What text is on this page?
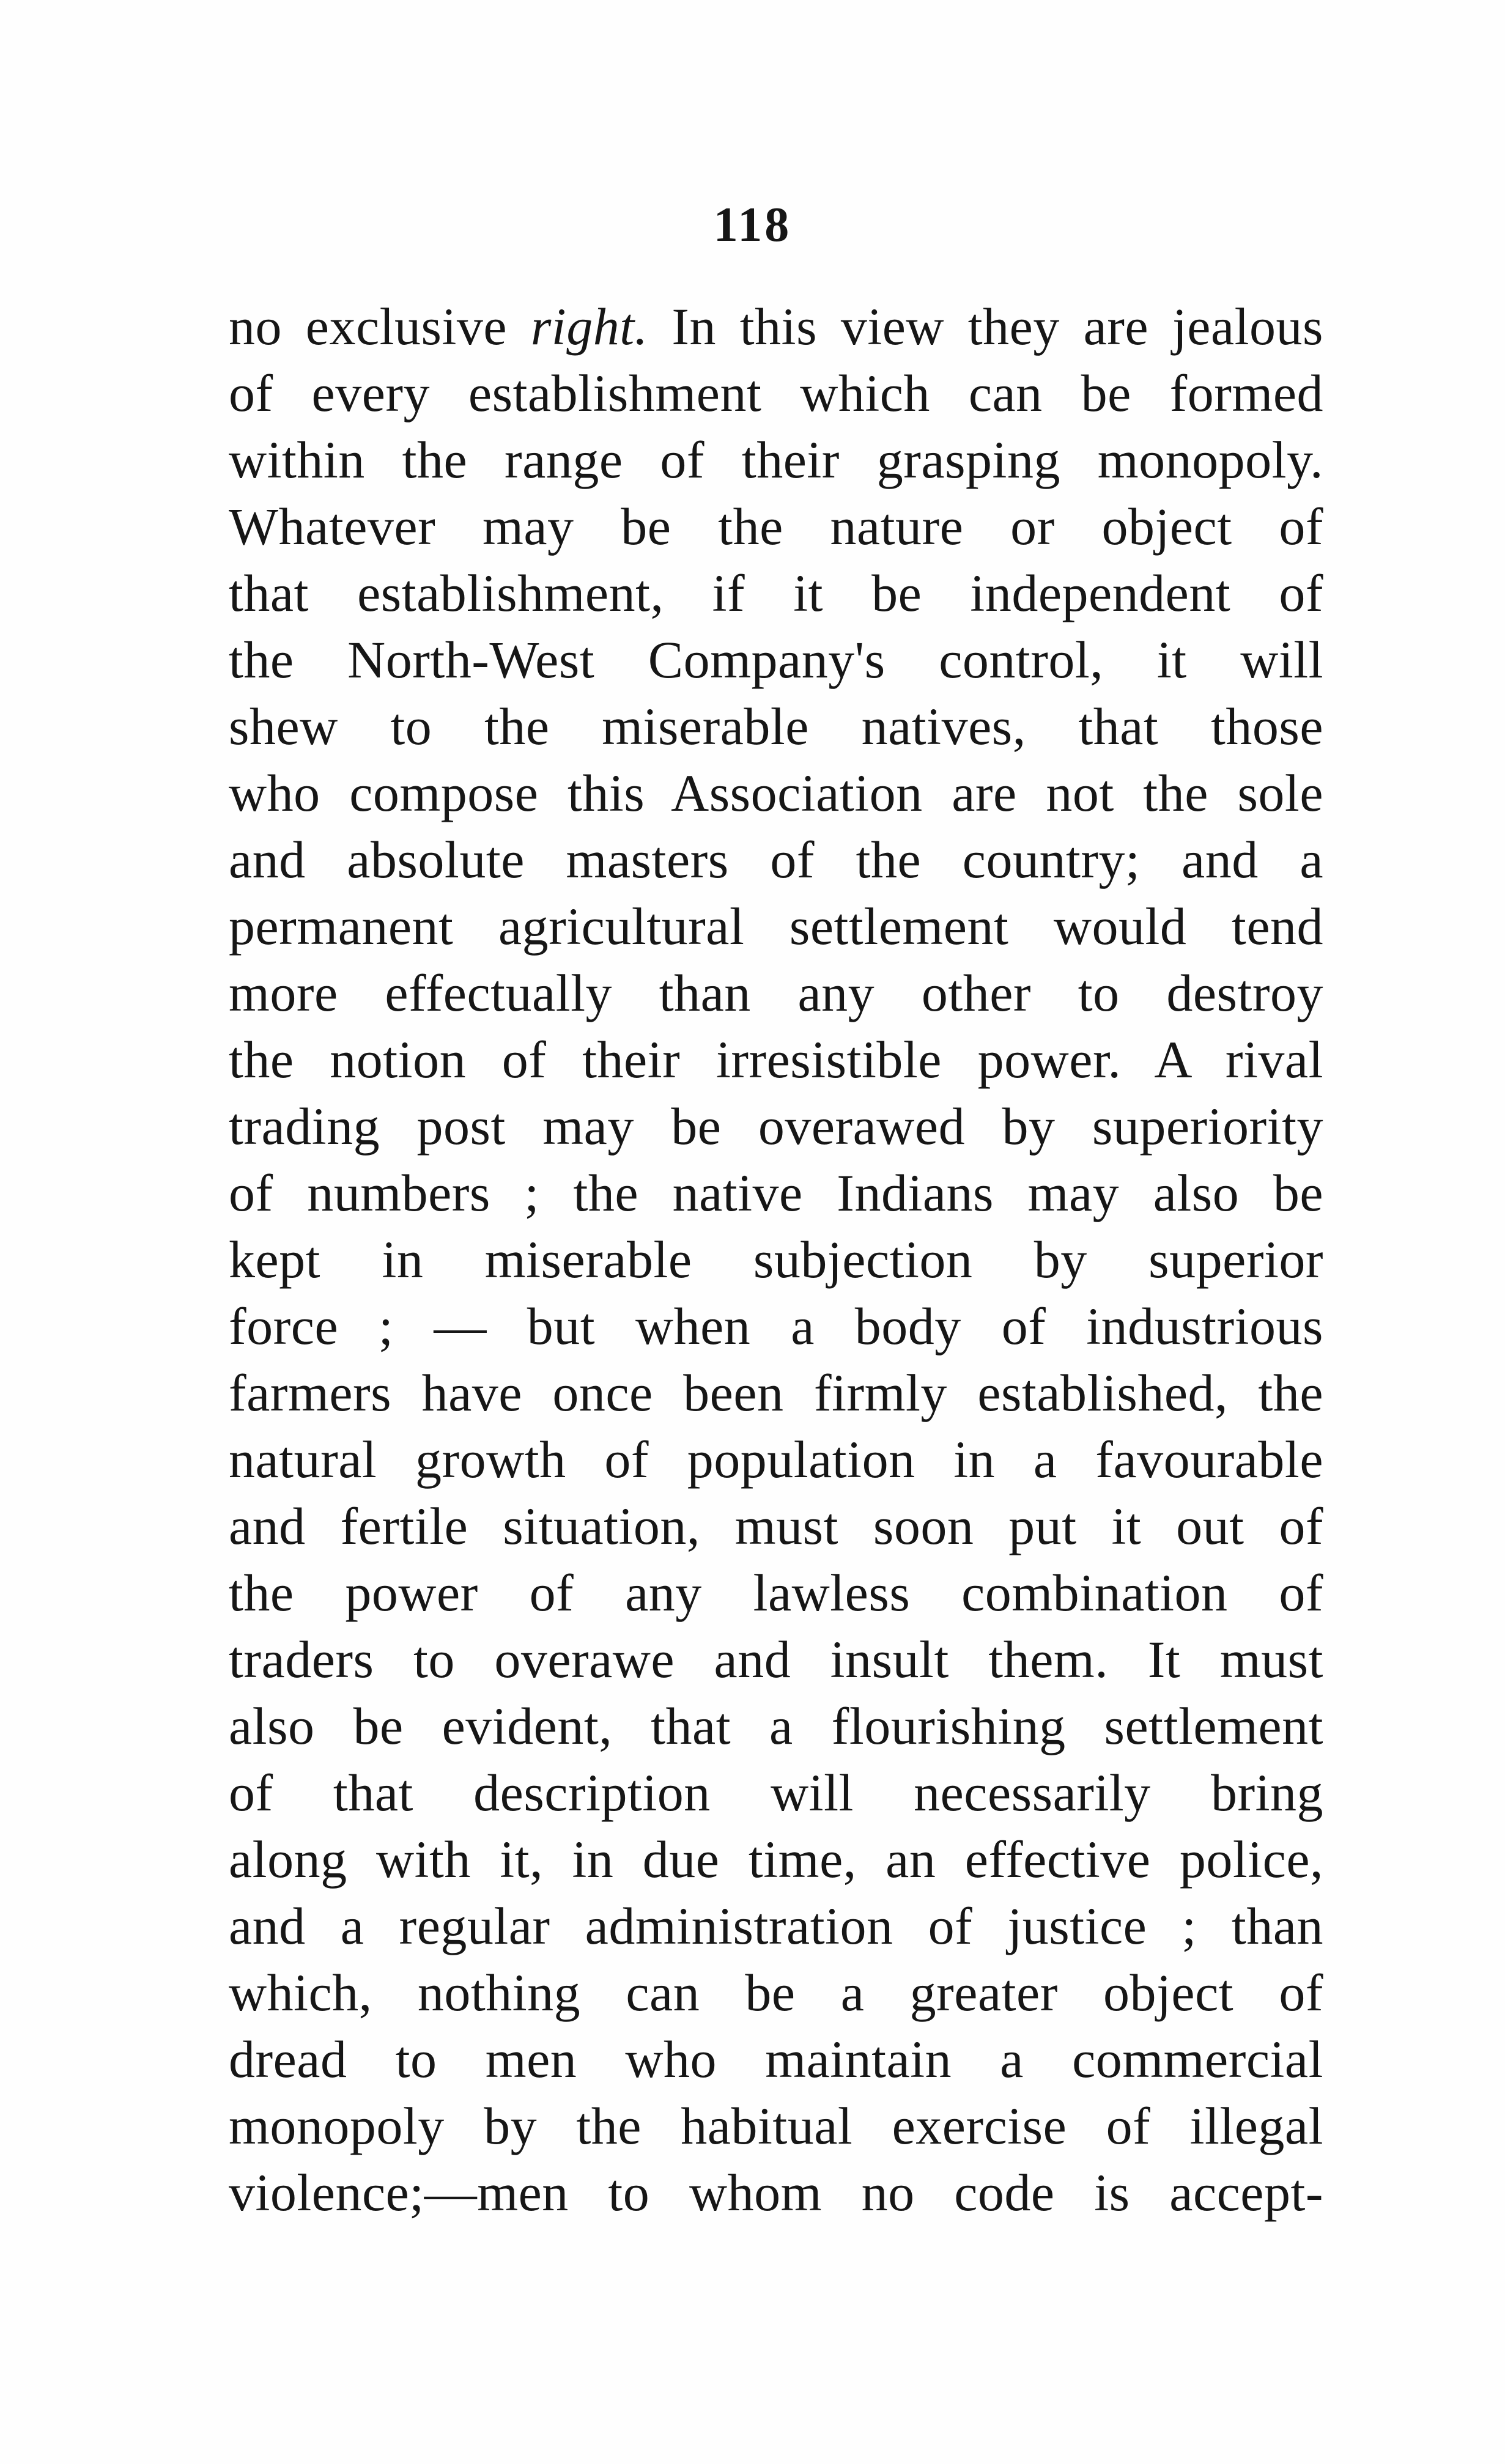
118
no exclusive right. In this view they are jealous
of every establishment which can be formed
within the range of their grasping monopoly.
Whatever may be the nature or object of
that establishment, if it be independent of
the North-West Company's control, it will
shew to the miserable natives, that those
who compose this Association are not the sole
and absolute masters of the country; and a
permanent agricultural settlement would tend
more effectually than any other to destroy
the notion of their irresistible power. A rival
trading post may be overawed by superiority
of numbers ; the native Indians may also be
kept in miserable subjection by superior
force ; — but when a body of industrious
farmers have once been firmly established, the
natural growth of population in a favourable
and fertile situation, must soon put it out of
the power of any lawless combination of
traders to overawe and insult them. It must
also be evident, that a flourishing settlement
of that description will necessarily bring
along with it, in due time, an effective police,
and a regular administration of justice ; than
which, nothing can be a greater object of
dread to men who maintain a commercial
monopoly by the habitual exercise of illegal
violence;—men to whom no code is accept-
